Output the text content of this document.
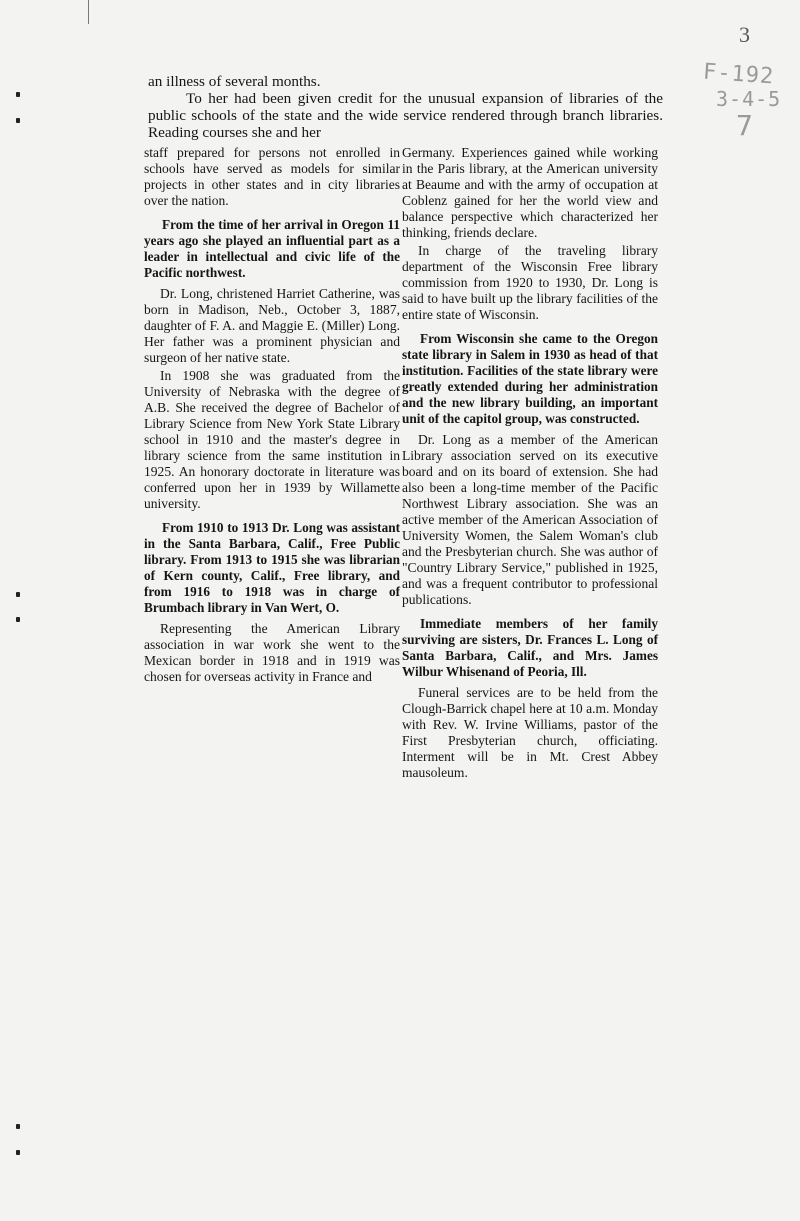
3
F-192
3-4-5
7

an illness of several months.

To her had been given credit for the unusual expansion of libraries of the public schools of the state and the wide service rendered through branch libraries. Reading courses she and her

staff prepared for persons not enrolled in schools have served as models for similar projects in other states and in city libraries over the nation.

From the time of her arrival in Oregon 11 years ago she played an influential part as a leader in intellectual and civic life of the Pacific northwest.

Dr. Long, christened Harriet Catherine, was born in Madison, Neb., October 3, 1887, daughter of F. A. and Maggie E. (Miller) Long. Her father was a prominent physician and surgeon of her native state.

In 1908 she was graduated from the University of Nebraska with the degree of A.B. She received the degree of Bachelor of Library Science from New York State Library school in 1910 and the master's degree in library science from the same institution in 1925. An honorary doctorate in literature was conferred upon her in 1939 by Willamette university.

From 1910 to 1913 Dr. Long was assistant in the Santa Barbara, Calif., Free Public library. From 1913 to 1915 she was librarian of Kern county, Calif., Free library, and from 1916 to 1918 was in charge of Brumbach library in Van Wert, O.

Representing the American Library association in war work she went to the Mexican border in 1918 and in 1919 was chosen for overseas activity in France and

Germany. Experiences gained while working in the Paris library, at the American university at Beaume and with the army of occupation at Coblenz gained for her the world view and balance perspective which characterized her thinking, friends declare.

In charge of the traveling library department of the Wisconsin Free library commission from 1920 to 1930, Dr. Long is said to have built up the library facilities of the entire state of Wisconsin.

From Wisconsin she came to the Oregon state library in Salem in 1930 as head of that institution. Facilities of the state library were greatly extended during her administration and the new library building, an important unit of the capitol group, was constructed.

Dr. Long as a member of the American Library association served on its executive board and on its board of extension. She had also been a long-time member of the Pacific Northwest Library association. She was an active member of the American Association of University Women, the Salem Woman's club and the Presbyterian church. She was author of "Country Library Service," published in 1925, and was a frequent contributor to professional publications.

Immediate members of her family surviving are sisters, Dr. Frances L. Long of Santa Barbara, Calif., and Mrs. James Wilbur Whisenand of Peoria, Ill.

Funeral services are to be held from the Clough-Barrick chapel here at 10 a.m. Monday with Rev. W. Irvine Williams, pastor of the First Presbyterian church, officiating. Interment will be in Mt. Crest Abbey mausoleum.
